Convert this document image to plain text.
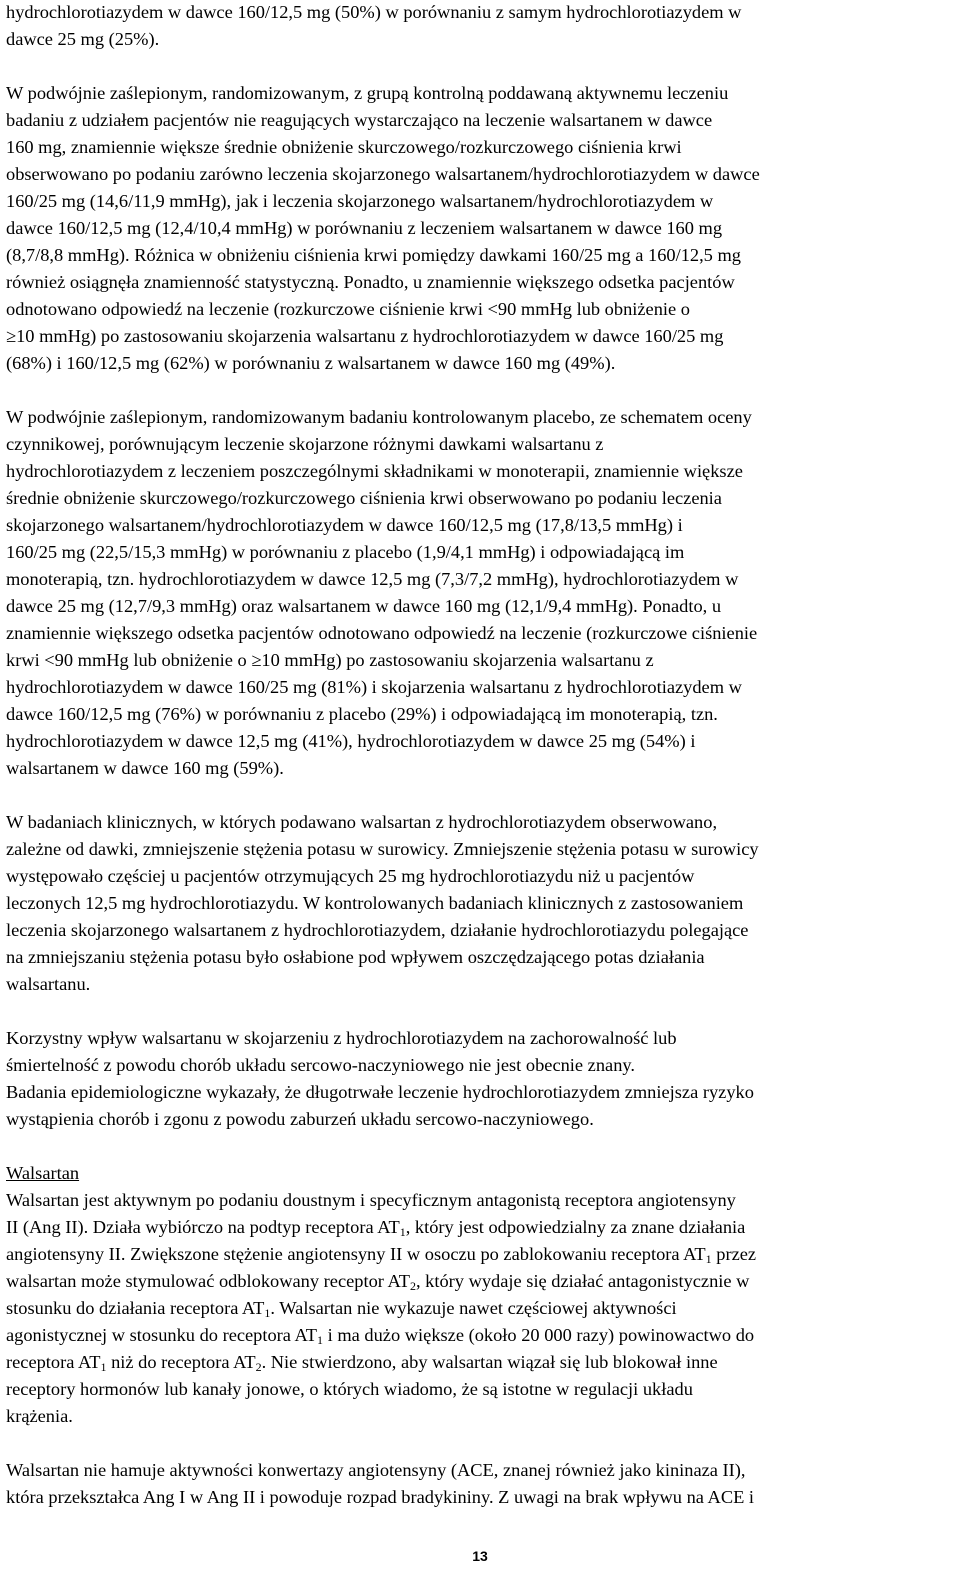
hydrochlorotiazydem w dawce 160/12,5 mg (50%) w porównaniu z samym hydrochlorotiazydem w
dawce 25 mg (25%).

W podwójnie zaślepionym, randomizowanym, z grupą kontrolną poddawaną aktywnemu leczeniu
badaniu z udziałem pacjentów nie reagujących wystarczająco na leczenie walsartanem w dawce
160 mg, znamiennie większe średnie obniżenie skurczowego/rozkurczowego ciśnienia krwi
obserwowano po podaniu zarówno leczenia skojarzonego walsartanem/hydrochlorotiazydem w dawce
160/25 mg (14,6/11,9 mmHg), jak i leczenia skojarzonego walsartanem/hydrochlorotiazydem w
dawce 160/12,5 mg (12,4/10,4 mmHg) w porównaniu z leczeniem walsartanem w dawce 160 mg
(8,7/8,8 mmHg). Różnica w obniżeniu ciśnienia krwi pomiędzy dawkami 160/25 mg a 160/12,5 mg
również osiągnęła znamienność statystyczną. Ponadto, u znamiennie większego odsetka pacjentów
odnotowano odpowiedź na leczenie (rozkurczowe ciśnienie krwi <90 mmHg lub obniżenie o
≥10 mmHg) po zastosowaniu skojarzenia walsartanu z hydrochlorotiazydem w dawce 160/25 mg
(68%) i 160/12,5 mg (62%) w porównaniu z walsartanem w dawce 160 mg (49%).

W podwójnie zaślepionym, randomizowanym badaniu kontrolowanym placebo, ze schematem oceny
czynnikowej, porównującym leczenie skojarzone różnymi dawkami walsartanu z
hydrochlorotiazydem z leczeniem poszczególnymi składnikami w monoterapii, znamiennie większe
średnie obniżenie skurczowego/rozkurczowego ciśnienia krwi obserwowano po podaniu leczenia
skojarzonego walsartanem/hydrochlorotiazydem w dawce 160/12,5 mg (17,8/13,5 mmHg) i
160/25 mg (22,5/15,3 mmHg) w porównaniu z placebo (1,9/4,1 mmHg) i odpowiadającą im
monoterapią, tzn. hydrochlorotiazydem w dawce 12,5 mg (7,3/7,2 mmHg), hydrochlorotiazydem w
dawce 25 mg (12,7/9,3 mmHg) oraz walsartanem w dawce 160 mg (12,1/9,4 mmHg). Ponadto, u
znamiennie większego odsetka pacjentów odnotowano odpowiedź na leczenie (rozkurczowe ciśnienie
krwi <90 mmHg lub obniżenie o ≥10 mmHg) po zastosowaniu skojarzenia walsartanu z
hydrochlorotiazydem w dawce 160/25 mg (81%) i skojarzenia walsartanu z hydrochlorotiazydem w
dawce 160/12,5 mg (76%) w porównaniu z placebo (29%) i odpowiadającą im monoterapią, tzn.
hydrochlorotiazydem w dawce 12,5 mg (41%), hydrochlorotiazydem w dawce 25 mg (54%) i
walsartanem w dawce 160 mg (59%).

W badaniach klinicznych, w których podawano walsartan z hydrochlorotiazydem obserwowano,
zależne od dawki, zmniejszenie stężenia potasu w surowicy. Zmniejszenie stężenia potasu w surowicy
występowało częściej u pacjentów otrzymujących 25 mg hydrochlorotiazydu niż u pacjentów
leczonych 12,5 mg hydrochlorotiazydu. W kontrolowanych badaniach klinicznych z zastosowaniem
leczenia skojarzonego walsartanem z hydrochlorotiazydem, działanie hydrochlorotiazydu polegające
na zmniejszaniu stężenia potasu było osłabione pod wpływem oszczędzającego potas działania
walsartanu.

Korzystny wpływ walsartanu w skojarzeniu z hydrochlorotiazydem na zachorowalność lub
śmiertelność z powodu chorób układu sercowo-naczyniowego nie jest obecnie znany.
Badania epidemiologiczne wykazały, że długotrwałe leczenie hydrochlorotiazydem zmniejsza ryzyko
wystąpienia chorób i zgonu z powodu zaburzeń układu sercowo-naczyniowego.

Walsartan
Walsartan jest aktywnym po podaniu doustnym i specyficznym antagonistą receptora angiotensyny
II (Ang II). Działa wybiórczo na podtyp receptora $AT_1$, który jest odpowiedzialny za znane działania
angiotensyny II. Zwiększone stężenie angiotensyny II w osoczu po zablokowaniu receptora $AT_1$ przez
walsartan może stymulować odblokowany receptor $AT_2$, który wydaje się działać antagonistycznie w
stosunku do działania receptora $AT_1$. Walsartan nie wykazuje nawet częściowej aktywności
agonistycznej w stosunku do receptora $AT_1$ i ma dużo większe (około 20 000 razy) powinowactwo do
receptora $AT_1$ niż do receptora $AT_2$. Nie stwierdzono, aby walsartan wiązał się lub blokował inne
receptory hormonów lub kanały jonowe, o których wiadomo, że są istotne w regulacji układu
krążenia.

Walsartan nie hamuje aktywności konwertazy angiotensyny (ACE, znanej również jako kininaza II),
która przekształca Ang I w Ang II i powoduje rozpad bradykininy. Z uwagi na brak wpływu na ACE i

13
